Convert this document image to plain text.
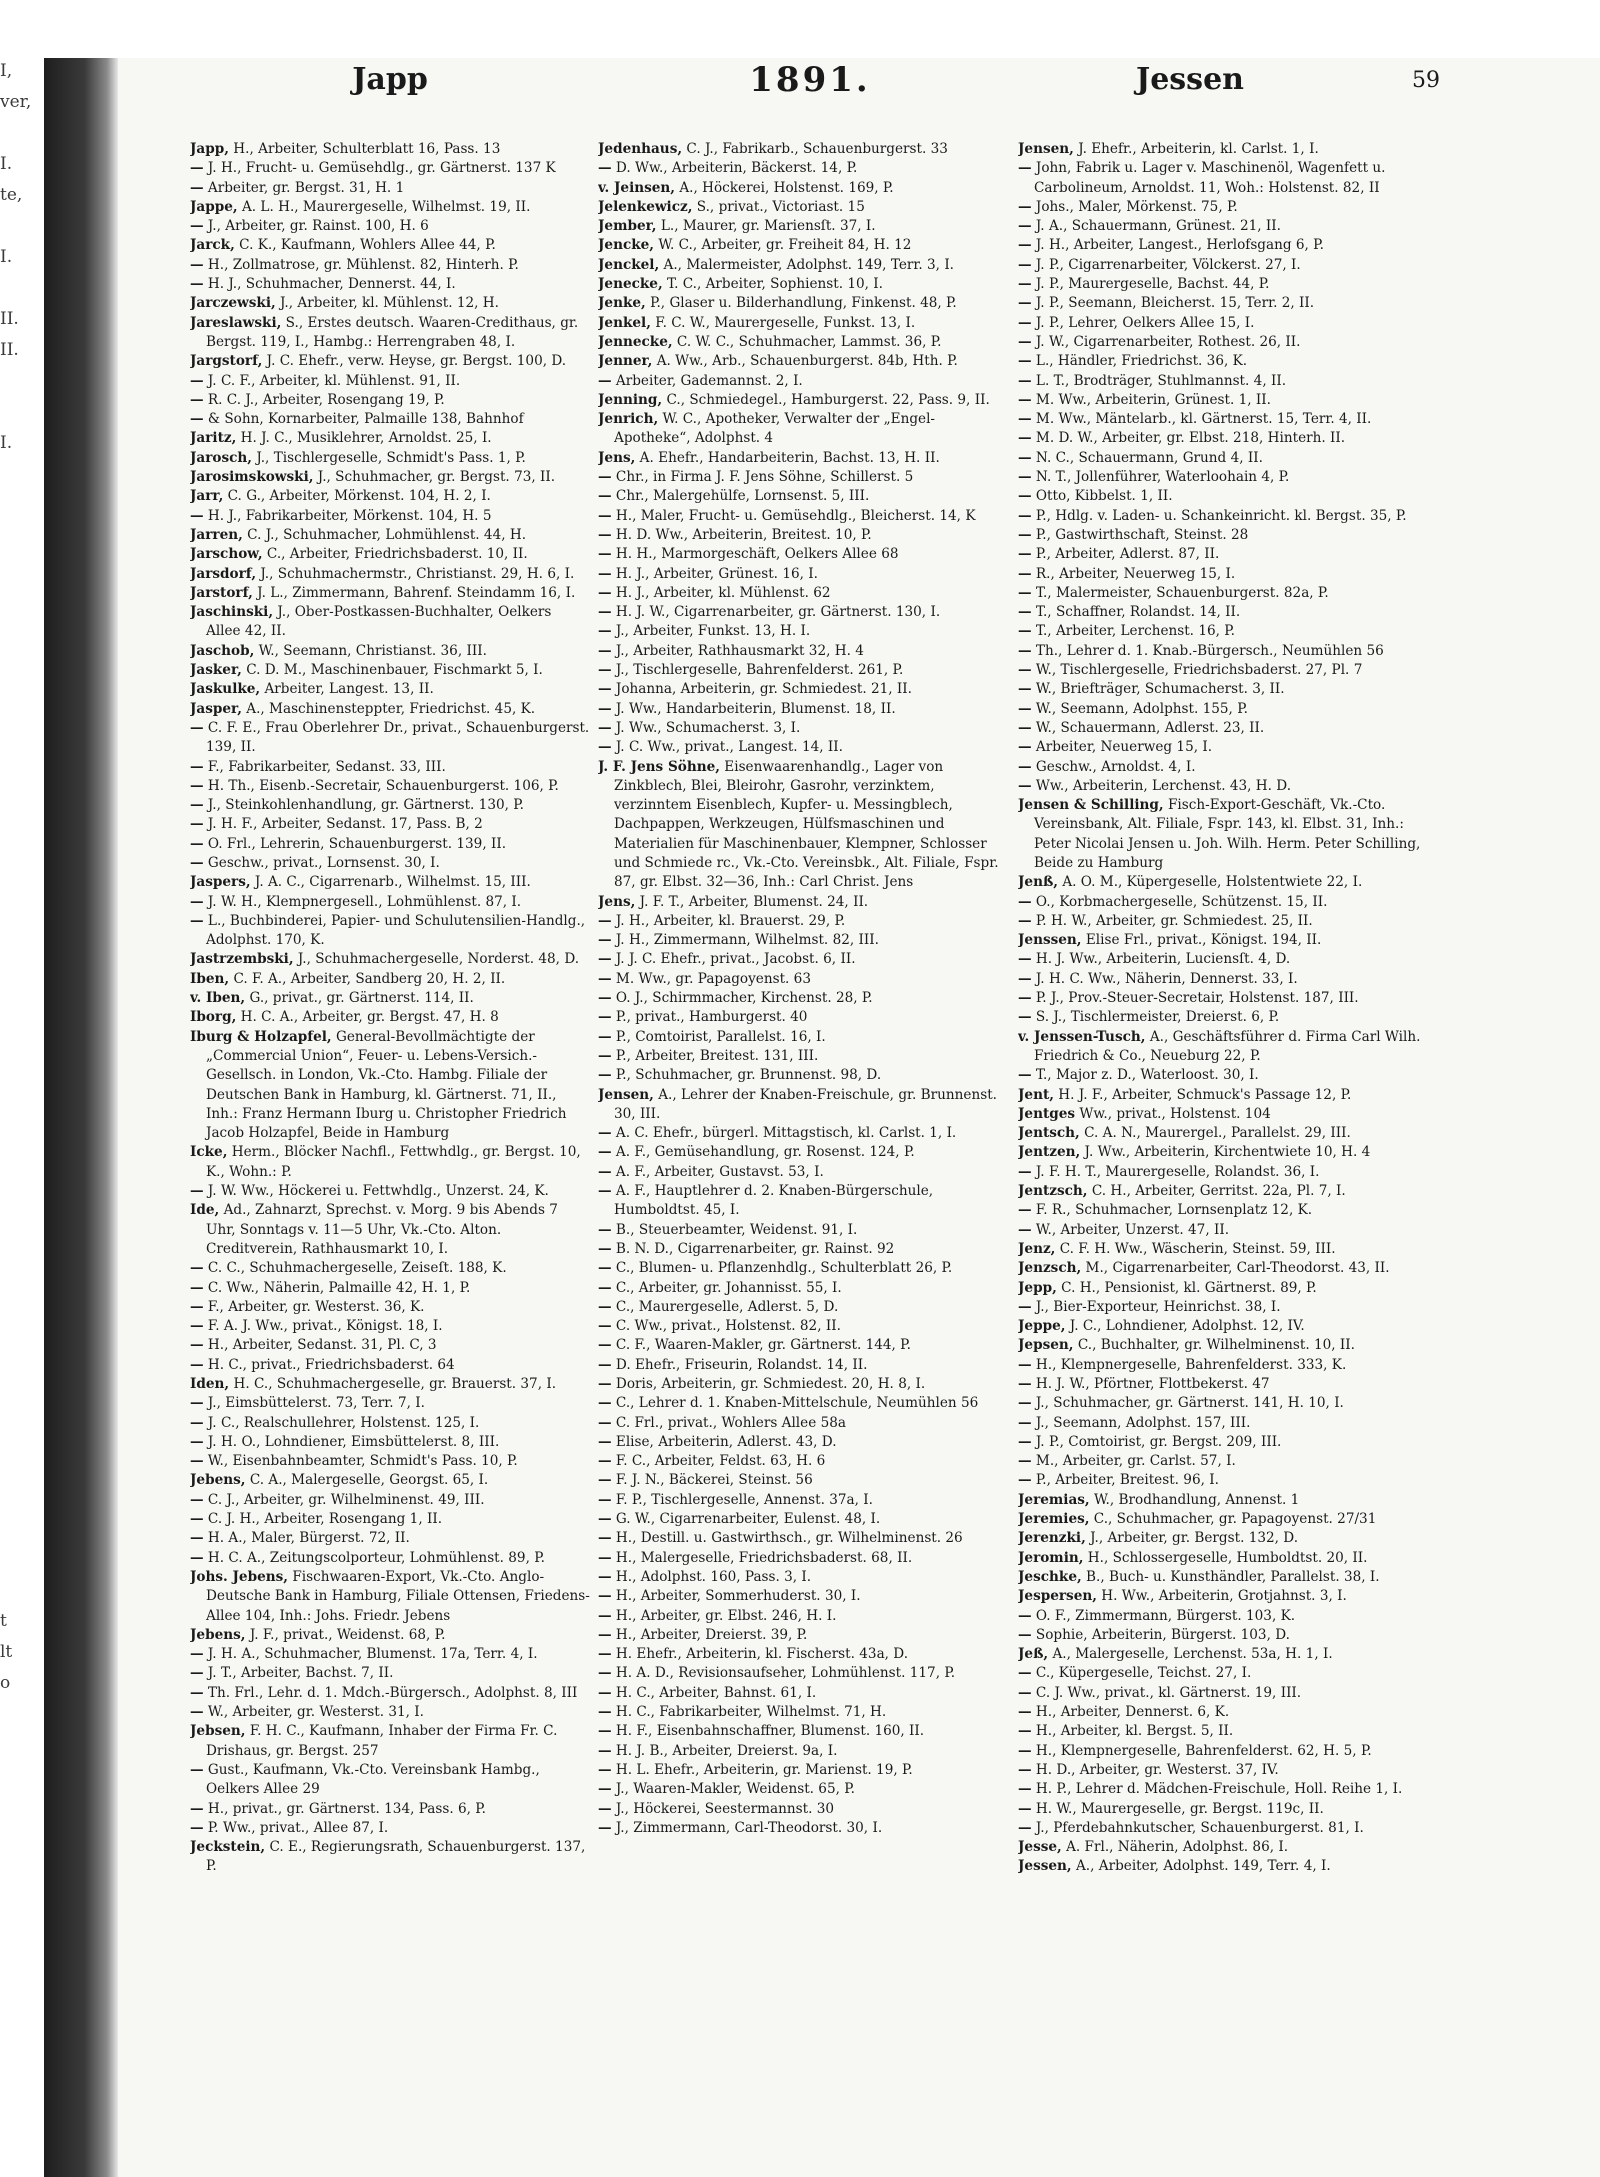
I,
ver,
I.
te,
I.
II.
II.
I.
t
lt
o
Japp	1891.	Jessen	59
Japp, H., Arbeiter, Schulterblatt 16, Pass. 13
— J. H., Frucht- u. Gemüsehdlg., gr. Gärtnerst. 137 K
— Arbeiter, gr. Bergst. 31, H. 1
Jappe, A. L. H., Maurergeselle, Wilhelmst. 19, II.
— J., Arbeiter, gr. Rainst. 100, H. 6
Jarck, C. K., Kaufmann, Wohlers Allee 44, P.
— H., Zollmatrose, gr. Mühlenst. 82, Hinterh. P.
— H. J., Schuhmacher, Dennerst. 44, I.
Jarczewski, J., Arbeiter, kl. Mühlenst. 12, H.
Jareslawski, S., Erstes deutsch. Waaren-Credithaus, gr. Bergst. 119, I., Hambg.: Herrengraben 48, I.
Jargstorf, J. C. Ehefr., verw. Heyse, gr. Bergst. 100, D.
— J. C. F., Arbeiter, kl. Mühlenst. 91, II.
— R. C. J., Arbeiter, Rosengang 19, P.
— & Sohn, Kornarbeiter, Palmaille 138, Bahnhof
Jaritz, H. J. C., Musiklehrer, Arnoldst. 25, I.
Jarosch, J., Tischlergeselle, Schmidt's Pass. 1, P.
Jarosimskowski, J., Schuhmacher, gr. Bergst. 73, II.
Jarr, C. G., Arbeiter, Mörkenst. 104, H. 2, I.
— H. J., Fabrikarbeiter, Mörkenst. 104, H. 5
Jarren, C. J., Schuhmacher, Lohmühlenst. 44, H.
Jarschow, C., Arbeiter, Friedrichsbaderst. 10, II.
Jarsdorf, J., Schuhmachermstr., Christianst. 29, H. 6, I.
Jarstorf, J. L., Zimmermann, Bahrenf. Steindamm 16, I.
Jaschinski, J., Ober-Postkassen-Buchhalter, Oelkers Allee 42, II.
Jaschob, W., Seemann, Christianst. 36, III.
Jasker, C. D. M., Maschinenbauer, Fischmarkt 5, I.
Jaskulke, Arbeiter, Langest. 13, II.
Jasper, A., Maschinensteppter, Friedrichst. 45, K.
— C. F. E., Frau Oberlehrer Dr., privat., Schauenburgerst. 139, II.
— F., Fabrikarbeiter, Sedanst. 33, III.
— H. Th., Eisenb.-Secretair, Schauenburgerst. 106, P.
— J., Steinkohlenhandlung, gr. Gärtnerst. 130, P.
— J. H. F., Arbeiter, Sedanst. 17, Pass. B, 2
— O. Frl., Lehrerin, Schauenburgerst. 139, II.
— Geschw., privat., Lornsenst. 30, I.
Jaspers, J. A. C., Cigarrenarb., Wilhelmst. 15, III.
— J. W. H., Klempnergesell., Lohmühlenst. 87, I.
— L., Buchbinderei, Papier- und Schulutensilien-Handlg., Adolphst. 170, K.
Jastrzembski, J., Schuhmachergeselle, Norderst. 48, D.
Iben, C. F. A., Arbeiter, Sandberg 20, H. 2, II.
v. Iben, G., privat., gr. Gärtnerst. 114, II.
Iborg, H. C. A., Arbeiter, gr. Bergst. 47, H. 8
Iburg & Holzapfel, General-Bevollmächtigte der „Commercial Union“, Feuer- u. Lebens-Versich.-Gesellsch. in London, Vk.-Cto. Hambg. Filiale der Deutschen Bank in Hamburg, kl. Gärtnerst. 71, II., Inh.: Franz Hermann Iburg u. Christopher Friedrich Jacob Holzapfel, Beide in Hamburg
Icke, Herm., Blöcker Nachfl., Fettwhdlg., gr. Bergst. 10, K., Wohn.: P.
— J. W. Ww., Höckerei u. Fettwhdlg., Unzerst. 24, K.
Ide, Ad., Zahnarzt, Sprechst. v. Morg. 9 bis Abends 7 Uhr, Sonntags v. 11—5 Uhr, Vk.-Cto. Alton. Creditverein, Rathhausmarkt 10, I.
— C. C., Schuhmachergeselle, Zeiseſt. 188, K.
— C. Ww., Näherin, Palmaille 42, H. 1, P.
— F., Arbeiter, gr. Westerst. 36, K.
— F. A. J. Ww., privat., Königst. 18, I.
— H., Arbeiter, Sedanst. 31, Pl. C, 3
— H. C., privat., Friedrichsbaderst. 64
Iden, H. C., Schuhmachergeselle, gr. Brauerst. 37, I.
— J., Eimsbüttelerst. 73, Terr. 7, I.
— J. C., Realschullehrer, Holstenst. 125, I.
— J. H. O., Lohndiener, Eimsbüttelerst. 8, III.
— W., Eisenbahnbeamter, Schmidt's Pass. 10, P.
Jebens, C. A., Malergeselle, Georgst. 65, I.
— C. J., Arbeiter, gr. Wilhelminenst. 49, III.
— C. J. H., Arbeiter, Rosengang 1, II.
— H. A., Maler, Bürgerst. 72, II.
— H. C. A., Zeitungscolporteur, Lohmühlenst. 89, P.
Johs. Jebens, Fischwaaren-Export, Vk.-Cto. Anglo-Deutsche Bank in Hamburg, Filiale Ottensen, Friedens-Allee 104, Inh.: Johs. Friedr. Jebens
Jebens, J. F., privat., Weidenst. 68, P.
— J. H. A., Schuhmacher, Blumenst. 17a, Terr. 4, I.
— J. T., Arbeiter, Bachst. 7, II.
— Th. Frl., Lehr. d. 1. Mdch.-Bürgersch., Adolphst. 8, III
— W., Arbeiter, gr. Westerst. 31, I.
Jebsen, F. H. C., Kaufmann, Inhaber der Firma Fr. C. Drishaus, gr. Bergst. 257
— Gust., Kaufmann, Vk.-Cto. Vereinsbank Hambg., Oelkers Allee 29
— H., privat., gr. Gärtnerst. 134, Pass. 6, P.
— P. Ww., privat., Allee 87, I.
Jeckstein, C. E., Regierungsrath, Schauenburgerst. 137, P.
Jedenhaus, C. J., Fabrikarb., Schauenburgerst. 33
— D. Ww., Arbeiterin, Bäckerst. 14, P.
v. Jeinsen, A., Höckerei, Holstenst. 169, P.
Jelenkewicz, S., privat., Victoriast. 15
Jember, L., Maurer, gr. Mariensſt. 37, I.
Jencke, W. C., Arbeiter, gr. Freiheit 84, H. 12
Jenckel, A., Malermeister, Adolphst. 149, Terr. 3, I.
Jenecke, T. C., Arbeiter, Sophienst. 10, I.
Jenke, P., Glaser u. Bilderhandlung, Finkenst. 48, P.
Jenkel, F. C. W., Maurergeselle, Funkst. 13, I.
Jennecke, C. W. C., Schuhmacher, Lammst. 36, P.
Jenner, A. Ww., Arb., Schauenburgerst. 84b, Hth. P.
— Arbeiter, Gademannst. 2, I.
Jenning, C., Schmiedegel., Hamburgerst. 22, Pass. 9, II.
Jenrich, W. C., Apotheker, Verwalter der „Engel-Apotheke“, Adolphst. 4
Jens, A. Ehefr., Handarbeiterin, Bachst. 13, H. II.
— Chr., in Firma J. F. Jens Söhne, Schillerst. 5
— Chr., Malergehülfe, Lornsenst. 5, III.
— H., Maler, Frucht- u. Gemüsehdlg., Bleicherst. 14, K
— H. D. Ww., Arbeiterin, Breitest. 10, P.
— H. H., Marmorgeschäft, Oelkers Allee 68
— H. J., Arbeiter, Grünest. 16, I.
— H. J., Arbeiter, kl. Mühlenst. 62
— H. J. W., Cigarrenarbeiter, gr. Gärtnerst. 130, I.
— J., Arbeiter, Funkst. 13, H. I.
— J., Arbeiter, Rathhausmarkt 32, H. 4
— J., Tischlergeselle, Bahrenfelderst. 261, P.
— Johanna, Arbeiterin, gr. Schmiedest. 21, II.
— J. Ww., Handarbeiterin, Blumenst. 18, II.
— J. Ww., Schumacherst. 3, I.
— J. C. Ww., privat., Langest. 14, II.
J. F. Jens Söhne, Eisenwaarenhandlg., Lager von Zinkblech, Blei, Bleirohr, Gasrohr, verzinktem, verzinntem Eisenblech, Kupfer- u. Messingblech, Dachpappen, Werkzeugen, Hülfsmaschinen und Materialien für Maschinenbauer, Klempner, Schlosser und Schmiede rc., Vk.-Cto. Vereinsbk., Alt. Filiale, Fspr. 87, gr. Elbst. 32—36, Inh.: Carl Christ. Jens
Jens, J. F. T., Arbeiter, Blumenst. 24, II.
— J. H., Arbeiter, kl. Brauerst. 29, P.
— J. H., Zimmermann, Wilhelmst. 82, III.
— J. J. C. Ehefr., privat., Jacobst. 6, II.
— M. Ww., gr. Papagoyenst. 63
— O. J., Schirmmacher, Kirchenst. 28, P.
— P., privat., Hamburgerst. 40
— P., Comtoirist, Parallelst. 16, I.
— P., Arbeiter, Breitest. 131, III.
— P., Schuhmacher, gr. Brunnenst. 98, D.
Jensen, A., Lehrer der Knaben-Freischule, gr. Brunnenst. 30, III.
— A. C. Ehefr., bürgerl. Mittagstisch, kl. Carlst. 1, I.
— A. F., Gemüsehandlung, gr. Rosenst. 124, P.
— A. F., Arbeiter, Gustavst. 53, I.
— A. F., Hauptlehrer d. 2. Knaben-Bürgerschule, Humboldtst. 45, I.
— B., Steuerbeamter, Weidenst. 91, I.
— B. N. D., Cigarrenarbeiter, gr. Rainst. 92
— C., Blumen- u. Pflanzenhdlg., Schulterblatt 26, P.
— C., Arbeiter, gr. Johannisst. 55, I.
— C., Maurergeselle, Adlerst. 5, D.
— C. Ww., privat., Holstenst. 82, II.
— C. F., Waaren-Makler, gr. Gärtnerst. 144, P.
— D. Ehefr., Friseurin, Rolandst. 14, II.
— Doris, Arbeiterin, gr. Schmiedest. 20, H. 8, I.
— C., Lehrer d. 1. Knaben-Mittelschule, Neumühlen 56
— C. Frl., privat., Wohlers Allee 58a
— Elise, Arbeiterin, Adlerst. 43, D.
— F. C., Arbeiter, Feldst. 63, H. 6
— F. J. N., Bäckerei, Steinst. 56
— F. P., Tischlergeselle, Annenst. 37a, I.
— G. W., Cigarrenarbeiter, Eulenst. 48, I.
— H., Destill. u. Gastwirthsch., gr. Wilhelminenst. 26
— H., Malergeselle, Friedrichsbaderst. 68, II.
— H., Adolphst. 160, Pass. 3, I.
— H., Arbeiter, Sommerhuderst. 30, I.
— H., Arbeiter, gr. Elbst. 246, H. I.
— H., Arbeiter, Dreierst. 39, P.
— H. Ehefr., Arbeiterin, kl. Fischerst. 43a, D.
— H. A. D., Revisionsaufseher, Lohmühlenst. 117, P.
— H. C., Arbeiter, Bahnst. 61, I.
— H. C., Fabrikarbeiter, Wilhelmst. 71, H.
— H. F., Eisenbahnschaffner, Blumenst. 160, II.
— H. J. B., Arbeiter, Dreierst. 9a, I.
— H. L. Ehefr., Arbeiterin, gr. Marienst. 19, P.
— J., Waaren-Makler, Weidenst. 65, P.
— J., Höckerei, Seestermannst. 30
— J., Zimmermann, Carl-Theodorst. 30, I.
Jensen, J. Ehefr., Arbeiterin, kl. Carlst. 1, I.
— John, Fabrik u. Lager v. Maschinenöl, Wagenfett u. Carbolineum, Arnoldst. 11, Woh.: Holstenst. 82, II
— Johs., Maler, Mörkenst. 75, P.
— J. A., Schauermann, Grünest. 21, II.
— J. H., Arbeiter, Langest., Herlofsgang 6, P.
— J. P., Cigarrenarbeiter, Völckerst. 27, I.
— J. P., Maurergeselle, Bachst. 44, P.
— J. P., Seemann, Bleicherst. 15, Terr. 2, II.
— J. P., Lehrer, Oelkers Allee 15, I.
— J. W., Cigarrenarbeiter, Rothest. 26, II.
— L., Händler, Friedrichst. 36, K.
— L. T., Brodträger, Stuhlmannst. 4, II.
— M. Ww., Arbeiterin, Grünest. 1, II.
— M. Ww., Mäntelarb., kl. Gärtnerst. 15, Terr. 4, II.
— M. D. W., Arbeiter, gr. Elbst. 218, Hinterh. II.
— N. C., Schauermann, Grund 4, II.
— N. T., Jollenführer, Waterloohain 4, P.
— Otto, Kibbelst. 1, II.
— P., Hdlg. v. Laden- u. Schankeinricht. kl. Bergst. 35, P.
— P., Gastwirthschaft, Steinst. 28
— P., Arbeiter, Adlerst. 87, II.
— R., Arbeiter, Neuerweg 15, I.
— T., Malermeister, Schauenburgerst. 82a, P.
— T., Schaffner, Rolandst. 14, II.
— T., Arbeiter, Lerchenst. 16, P.
— Th., Lehrer d. 1. Knab.-Bürgersch., Neumühlen 56
— W., Tischlergeselle, Friedrichsbaderst. 27, Pl. 7
— W., Briefträger, Schumacherst. 3, II.
— W., Seemann, Adolphst. 155, P.
— W., Schauermann, Adlerst. 23, II.
— Arbeiter, Neuerweg 15, I.
— Geschw., Arnoldst. 4, I.
— Ww., Arbeiterin, Lerchenst. 43, H. D.
Jensen & Schilling, Fisch-Export-Geschäft, Vk.-Cto. Vereinsbank, Alt. Filiale, Fspr. 143, kl. Elbst. 31, Inh.: Peter Nicolai Jensen u. Joh. Wilh. Herm. Peter Schilling, Beide zu Hamburg
Jenß, A. O. M., Küpergeselle, Holstentwiete 22, I.
— O., Korbmachergeselle, Schützenst. 15, II.
— P. H. W., Arbeiter, gr. Schmiedest. 25, II.
Jenssen, Elise Frl., privat., Königst. 194, II.
— H. J. Ww., Arbeiterin, Luciensſt. 4, D.
— J. H. C. Ww., Näherin, Dennerst. 33, I.
— P. J., Prov.-Steuer-Secretair, Holstenst. 187, III.
— S. J., Tischlermeister, Dreierst. 6, P.
v. Jenssen-Tusch, A., Geschäftsführer d. Firma Carl Wilh. Friedrich & Co., Neueburg 22, P.
— T., Major z. D., Waterloost. 30, I.
Jent, H. J. F., Arbeiter, Schmuck's Passage 12, P.
Jentges Ww., privat., Holstenst. 104
Jentsch, C. A. N., Maurergel., Parallelst. 29, III.
Jentzen, J. Ww., Arbeiterin, Kirchentwiete 10, H. 4
— J. F. H. T., Maurergeselle, Rolandst. 36, I.
Jentzsch, C. H., Arbeiter, Gerritst. 22a, Pl. 7, I.
— F. R., Schuhmacher, Lornsenplatz 12, K.
— W., Arbeiter, Unzerst. 47, II.
Jenz, C. F. H. Ww., Wäscherin, Steinst. 59, III.
Jenzsch, M., Cigarrenarbeiter, Carl-Theodorst. 43, II.
Jepp, C. H., Pensionist, kl. Gärtnerst. 89, P.
— J., Bier-Exporteur, Heinrichst. 38, I.
Jeppe, J. C., Lohndiener, Adolphst. 12, IV.
Jepsen, C., Buchhalter, gr. Wilhelminenst. 10, II.
— H., Klempnergeselle, Bahrenfelderst. 333, K.
— H. J. W., Pförtner, Flottbekerst. 47
— J., Schuhmacher, gr. Gärtnerst. 141, H. 10, I.
— J., Seemann, Adolphst. 157, III.
— J. P., Comtoirist, gr. Bergst. 209, III.
— M., Arbeiter, gr. Carlst. 57, I.
— P., Arbeiter, Breitest. 96, I.
Jeremias, W., Brodhandlung, Annenst. 1
Jeremies, C., Schuhmacher, gr. Papagoyenst. 27/31
Jerenzki, J., Arbeiter, gr. Bergst. 132, D.
Jeromin, H., Schlossergeselle, Humboldtst. 20, II.
Jeschke, B., Buch- u. Kunsthändler, Parallelst. 38, I.
Jespersen, H. Ww., Arbeiterin, Grotjahnst. 3, I.
— O. F., Zimmermann, Bürgerst. 103, K.
— Sophie, Arbeiterin, Bürgerst. 103, D.
Jeß, A., Malergeselle, Lerchenst. 53a, H. 1, I.
— C., Küpergeselle, Teichst. 27, I.
— C. J. Ww., privat., kl. Gärtnerst. 19, III.
— H., Arbeiter, Dennerst. 6, K.
— H., Arbeiter, kl. Bergst. 5, II.
— H., Klempnergeselle, Bahrenfelderst. 62, H. 5, P.
— H. D., Arbeiter, gr. Westerst. 37, IV.
— H. P., Lehrer d. Mädchen-Freischule, Holl. Reihe 1, I.
— H. W., Maurergeselle, gr. Bergst. 119c, II.
— J., Pferdebahnkutscher, Schauenburgerst. 81, I.
Jesse, A. Frl., Näherin, Adolphst. 86, I.
Jessen, A., Arbeiter, Adolphst. 149, Terr. 4, I.
